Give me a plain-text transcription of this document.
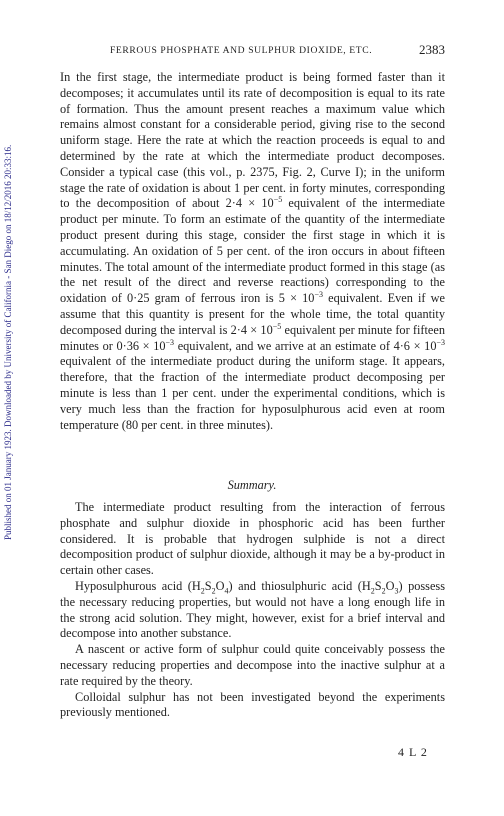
Published on 01 January 1923. Downloaded by University of California - San Diego on 18/12/2016 20:33:16.
FERROUS PHOSPHATE AND SULPHUR DIOXIDE, ETC.	2383
In the first stage, the intermediate product is being formed faster than it decomposes; it accumulates until its rate of decomposition is equal to its rate of formation. Thus the amount present reaches a maximum value which remains almost constant for a considerable period, giving rise to the second uniform stage. Here the rate at which the reaction proceeds is equal to and determined by the rate at which the intermediate product decomposes. Consider a typical case (this vol., p. 2375, Fig. 2, Curve I); in the uniform stage the rate of oxidation is about 1 per cent. in forty minutes, corresponding to the decomposition of about $2\cdot 4 \times 10^{-5}$ equivalent of the intermediate product per minute. To form an estimate of the quantity of the intermediate product present during this stage, consider the first stage in which it is accumulating. An oxidation of 5 per cent. of the iron occurs in about fifteen minutes. The total amount of the intermediate product formed in this stage (as the net result of the direct and reverse reactions) corresponding to the oxidation of 0·25 gram of ferrous iron is $5 \times 10^{-3}$ equivalent. Even if we assume that this quantity is present for the whole time, the total quantity decomposed during the interval is $2\cdot 4 \times 10^{-5}$ equivalent per minute for fifteen minutes or $0\cdot 36 \times 10^{-3}$ equivalent, and we arrive at an estimate of $4\cdot 6 \times 10^{-3}$ equivalent of the intermediate product during the uniform stage. It appears, therefore, that the fraction of the intermediate product decomposing per minute is less than 1 per cent. under the experimental conditions, which is very much less than the fraction for hyposulphurous acid even at room temperature (80 per cent. in three minutes).
Summary.

The intermediate product resulting from the interaction of ferrous phosphate and sulphur dioxide in phosphoric acid has been further considered. It is probable that hydrogen sulphide is not a direct decomposition product of sulphur dioxide, although it may be a by-product in certain other cases.

Hyposulphurous acid $(H_2S_2O_4)$ and thiosulphuric acid $(H_2S_2O_3)$ possess the necessary reducing properties, but would not have a long enough life in the strong acid solution. They might, however, exist for a brief interval and decompose into another substance.

A nascent or active form of sulphur could quite conceivably possess the necessary reducing properties and decompose into the inactive sulphur at a rate required by the theory.

Colloidal sulphur has not been investigated beyond the experiments previously mentioned.

4 L 2
